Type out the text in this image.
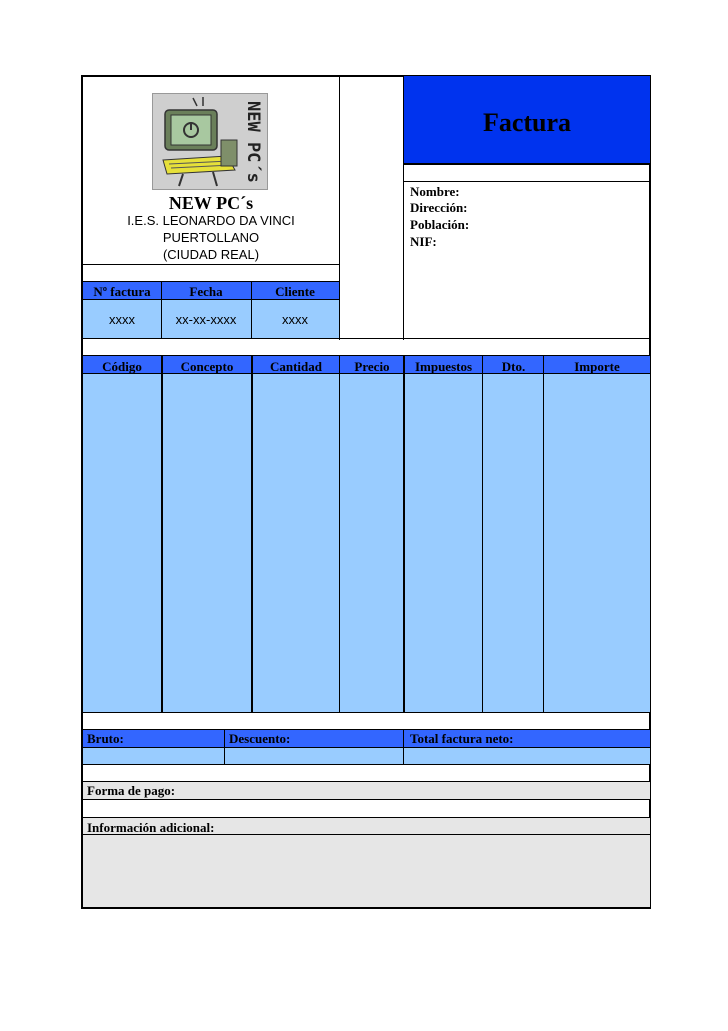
NEW PC´s
NEW PC´s
I.E.S. LEONARDO DA VINCI
PUERTOLLANO
(CIUDAD REAL)
Factura
Nombre:
Dirección:
Población:
NIF:
Nº factura	Fecha	Cliente
xxxx	xx-xx-xxxx	xxxx
Código	Concepto	Cantidad	Precio	Impuestos	Dto.	Importe
Bruto:	Descuento:	Total factura neto:
Forma de pago:
Información adicional:
